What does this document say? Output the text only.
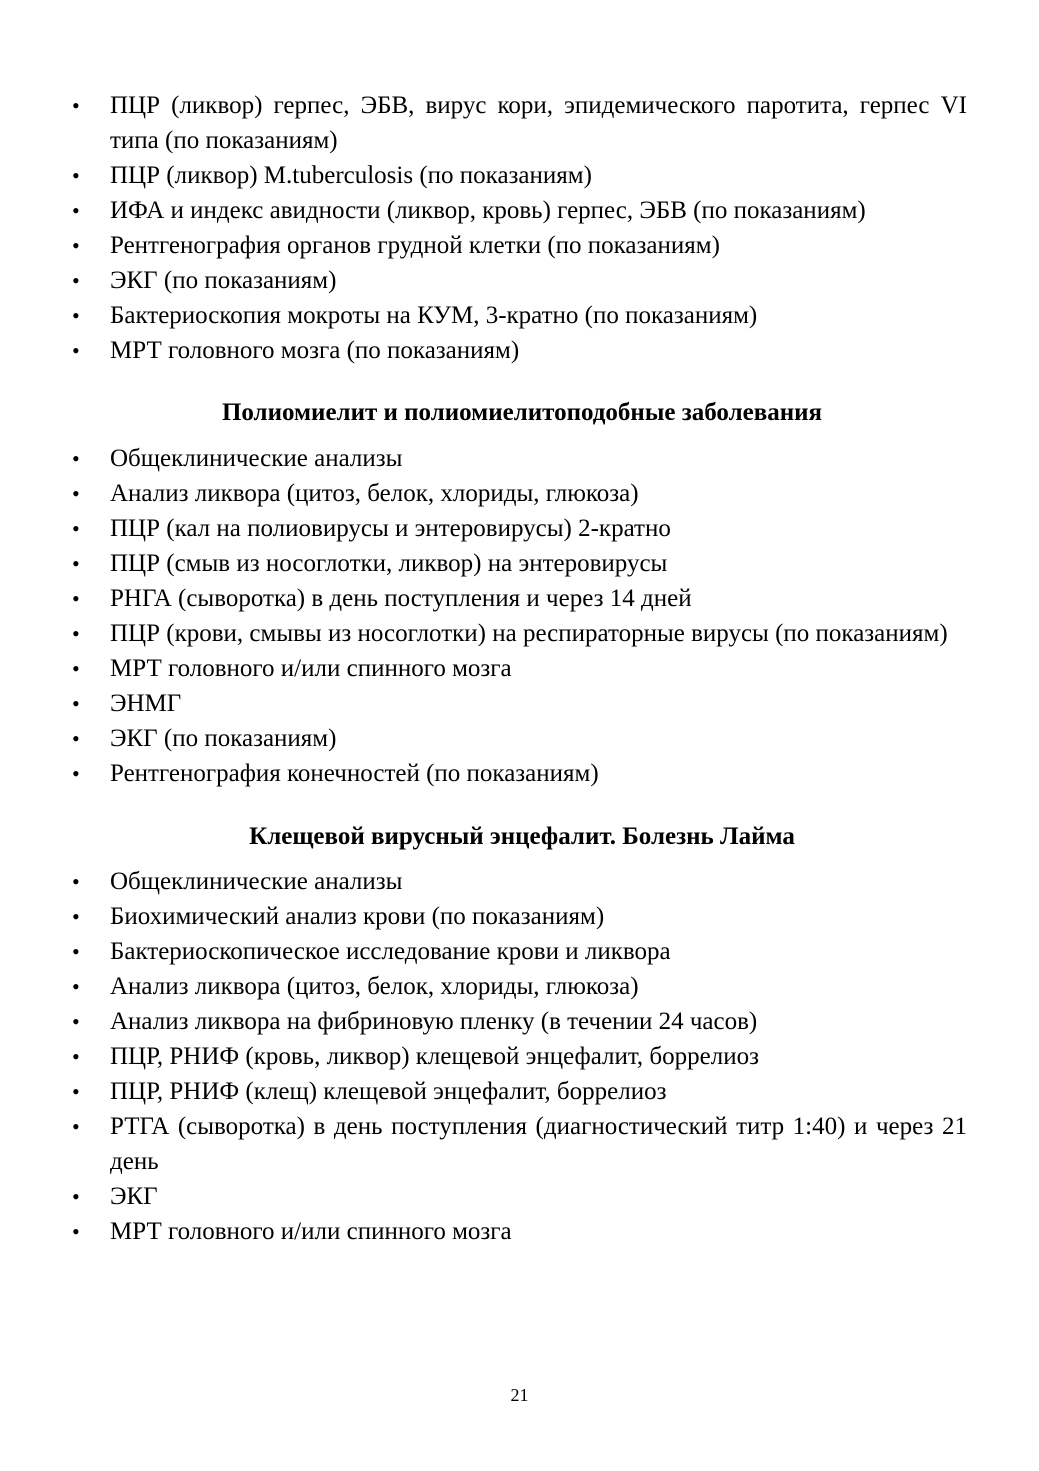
• ПЦР (ликвор) герпес, ЭБВ, вирус кори, эпидемического паротита, герпес VI типа (по показаниям)
• ПЦР (ликвор) M.tuberculosis (по показаниям)
• ИФА и индекс авидности (ликвор, кровь) герпес, ЭБВ (по показаниям)
• Рентгенография органов грудной клетки (по показаниям)
• ЭКГ (по показаниям)
• Бактериоскопия мокроты на КУМ, 3-кратно (по показаниям)
• МРТ головного мозга (по показаниям)
Полиомиелит и полиомиелитоподобные заболевания
• Общеклинические анализы
• Анализ ликвора (цитоз, белок, хлориды, глюкоза)
• ПЦР (кал на полиовирусы и энтеровирусы) 2-кратно
• ПЦР (смыв из носоглотки, ликвор) на энтеровирусы
• РНГА (сыворотка) в день поступления и через 14 дней
• ПЦР (крови, смывы из носоглотки) на респираторные вирусы (по показаниям)
• МРТ головного и/или спинного мозга
• ЭНМГ
• ЭКГ (по показаниям)
• Рентгенография конечностей (по показаниям)
Клещевой вирусный энцефалит. Болезнь Лайма
• Общеклинические анализы
• Биохимический анализ крови (по показаниям)
• Бактериоскопическое исследование крови и ликвора
• Анализ ликвора (цитоз, белок, хлориды, глюкоза)
• Анализ ликвора на фибриновую пленку (в течении 24 часов)
• ПЦР, РНИФ (кровь, ликвор) клещевой энцефалит, боррелиоз
• ПЦР, РНИФ (клещ) клещевой энцефалит, боррелиоз
• РТГА (сыворотка) в день поступления (диагностический титр 1:40) и через 21 день
• ЭКГ
• МРТ головного и/или спинного мозга
21
